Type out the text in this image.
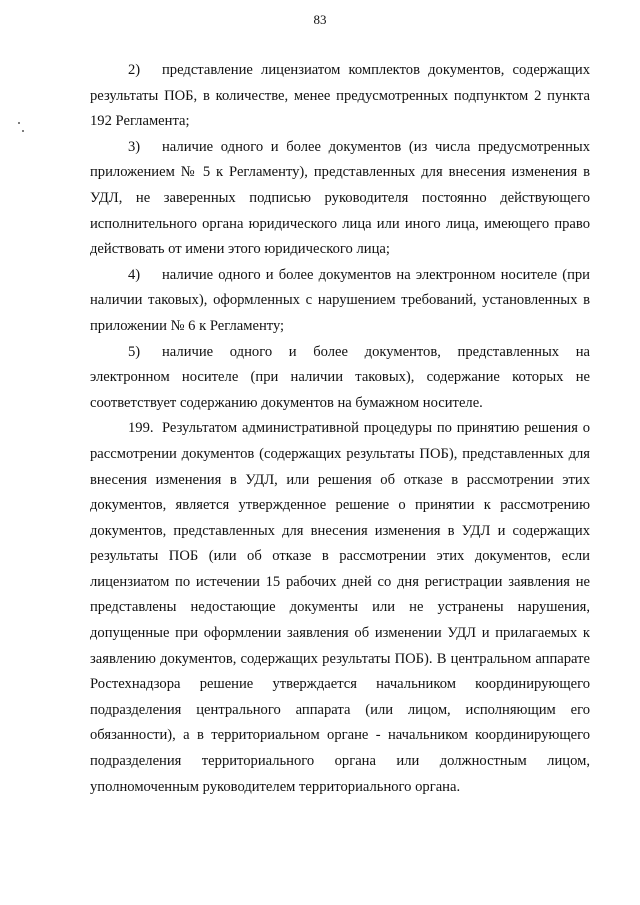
83

2) представление лицензиатом комплектов документов, содержащих результаты ПОБ, в количестве, менее предусмотренных подпунктом 2 пункта 192 Регламента;

3) наличие одного и более документов (из числа предусмотренных приложением № 5 к Регламенту), представленных для внесения изменения в УДЛ, не заверенных подписью руководителя постоянно действующего исполнительного органа юридического лица или иного лица, имеющего право действовать от имени этого юридического лица;

4) наличие одного и более документов на электронном носителе (при наличии таковых), оформленных с нарушением требований, установленных в приложении № 6 к Регламенту;

5) наличие одного и более документов, представленных на электронном носителе (при наличии таковых), содержание которых не соответствует содержанию документов на бумажном носителе.

199. Результатом административной процедуры по принятию решения о рассмотрении документов (содержащих результаты ПОБ), представленных для внесения изменения в УДЛ, или решения об отказе в рассмотрении этих документов, является утвержденное решение о принятии к рассмотрению документов, представленных для внесения изменения в УДЛ и содержащих результаты ПОБ (или об отказе в рассмотрении этих документов, если лицензиатом по истечении 15 рабочих дней со дня регистрации заявления не представлены недостающие документы или не устранены нарушения, допущенные при оформлении заявления об изменении УДЛ и прилагаемых к заявлению документов, содержащих результаты ПОБ). В центральном аппарате Ростехнадзора решение утверждается начальником координирующего подразделения центрального аппарата (или лицом, исполняющим его обязанности), а в территориальном органе - начальником координирующего подразделения территориального органа или должностным лицом, уполномоченным руководителем территориального органа.
